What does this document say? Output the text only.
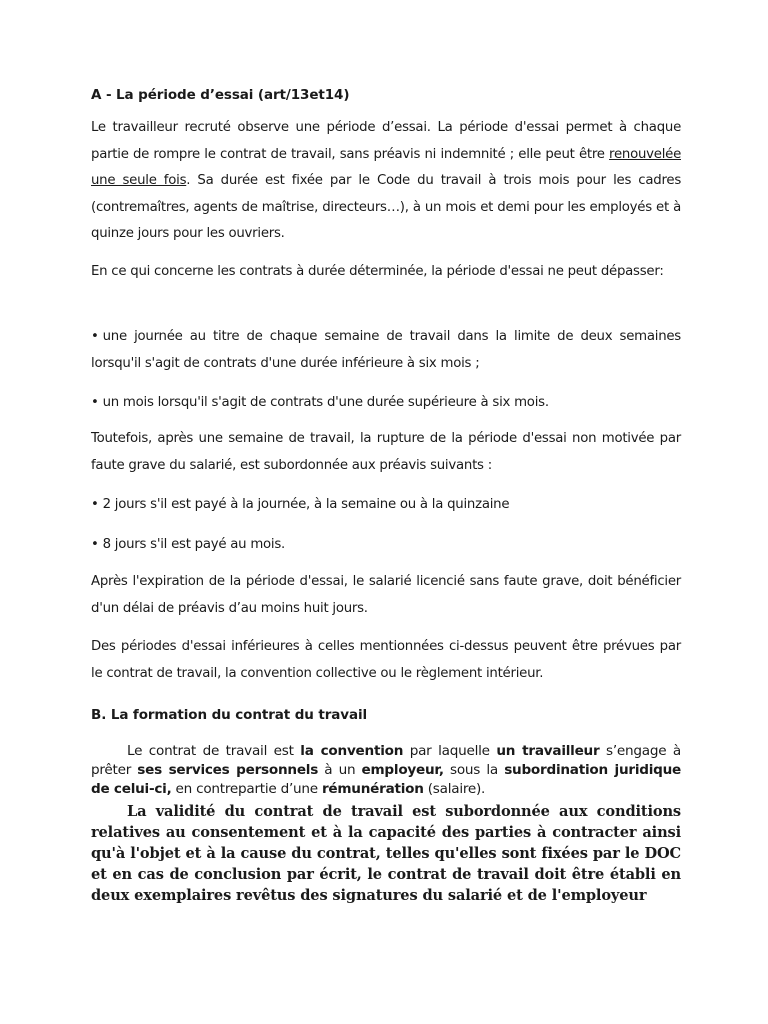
A - La période d’essai (art/13et14)

Le travailleur recruté observe une période d’essai. La période d'essai permet à chaque partie de rompre le contrat de travail, sans préavis ni indemnité ; elle peut être renouvelée une seule fois. Sa durée est fixée par le Code du travail à trois mois pour les cadres (contremaîtres, agents de maîtrise, directeurs…), à un mois et demi pour les employés et à quinze jours pour les ouvriers.

En ce qui concerne les contrats à durée déterminée, la période d'essai ne peut dépasser:

• une journée au titre de chaque semaine de travail dans la limite de deux semaines lorsqu'il s'agit de contrats d'une durée inférieure à six mois ;

• un mois lorsqu'il s'agit de contrats d'une durée supérieure à six mois.

Toutefois, après une semaine de travail, la rupture de la période d'essai non motivée par faute grave du salarié, est subordonnée aux préavis suivants :

• 2 jours s'il est payé à la journée, à la semaine ou à la quinzaine

• 8 jours s'il est payé au mois.

Après l'expiration de la période d'essai, le salarié licencié sans faute grave, doit bénéficier d'un délai de préavis d’au moins huit jours.

Des périodes d'essai inférieures à celles mentionnées ci-dessus peuvent être prévues par le contrat de travail, la convention collective ou le règlement intérieur.

B. La formation du contrat du travail

Le contrat de travail est la convention par laquelle un travailleur s’engage à prêter ses services personnels à un employeur, sous la subordination juridique de celui-ci, en contrepartie d’une rémunération (salaire).

La validité du contrat de travail est subordonnée aux conditions relatives au consentement et à la capacité des parties à contracter ainsi qu'à l'objet et à la cause du contrat, telles qu'elles sont fixées par le DOC et en cas de conclusion par écrit, le contrat de travail doit être établi en deux exemplaires revêtus des signatures du salarié et de l'employeur
